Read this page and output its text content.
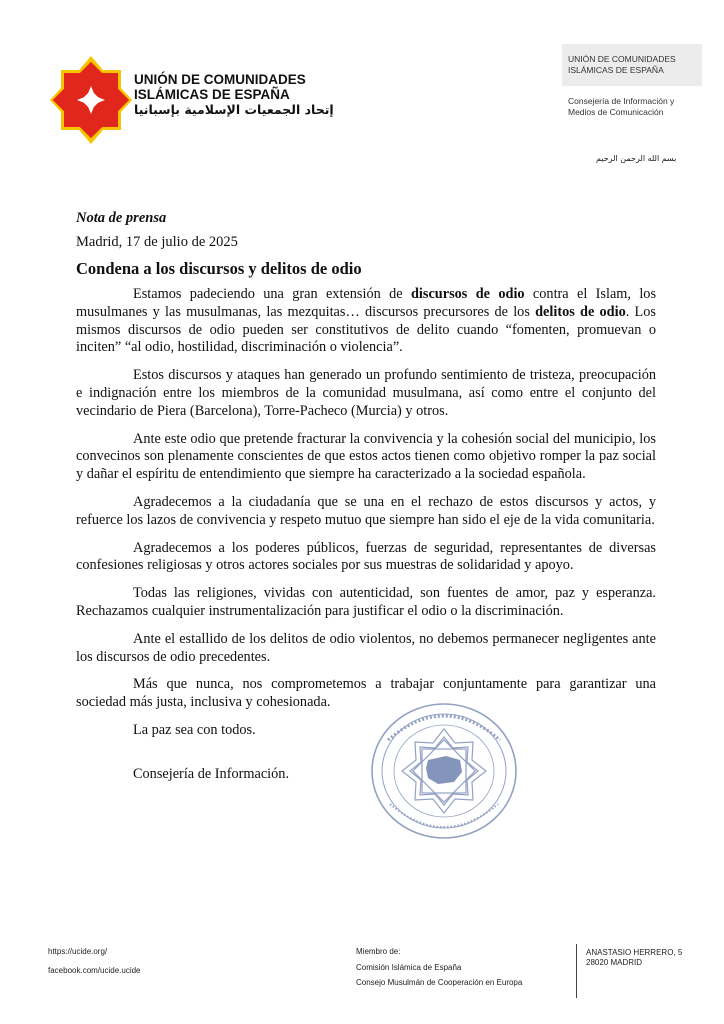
UNIÓN DE COMUNIDADES
ISLÁMICAS DE ESPAÑA
إتحاد الجمعيات الإسلامية بإسبانيا
UNIÓN DE COMUNIDADES
ISLÁMICAS DE ESPAÑA
Consejería de Información y
Medios de Comunicación
بسم الله الرحمن الرحيم
Nota de prensa
Madrid, 17 de julio de 2025
Condena a los discursos y delitos de odio

Estamos padeciendo una gran extensión de discursos de odio contra el Islam, los musulmanes y las musulmanas, las mezquitas… discursos precursores de los delitos de odio. Los mismos discursos de odio pueden ser constitutivos de delito cuando “fomenten, promuevan o inciten” “al odio, hostilidad, discriminación o violencia”.

Estos discursos y ataques han generado un profundo sentimiento de tristeza, preocupación e indignación entre los miembros de la comunidad musulmana, así como entre el conjunto del vecindario de Piera (Barcelona), Torre-Pacheco (Murcia) y otros.

Ante este odio que pretende fracturar la convivencia y la cohesión social del municipio, los convecinos son plenamente conscientes de que estos actos tienen como objetivo romper la paz social y dañar el espíritu de entendimiento que siempre ha caracterizado a la sociedad española.

Agradecemos a la ciudadanía que se una en el rechazo de estos discursos y actos, y refuerce los lazos de convivencia y respeto mutuo que siempre han sido el eje de la vida comunitaria.

Agradecemos a los poderes públicos, fuerzas de seguridad, representantes de diversas confesiones religiosas y otros actores sociales por sus muestras de solidaridad y apoyo.

Todas las religiones, vividas con autenticidad, son fuentes de amor, paz y esperanza. Rechazamos cualquier instrumentalización para justificar el odio o la discriminación.

Ante el estallido de los delitos de odio violentos, no debemos permanecer negligentes ante los discursos de odio precedentes.

Más que nunca, nos comprometemos a trabajar conjuntamente para garantizar una sociedad más justa, inclusiva y cohesionada.

La paz sea con todos.

Consejería de Información.

https://ucide.org/
facebook.com/ucide.ucide
Miembro de:
Comisión Islámica de España
Consejo Musulmán de Cooperación en Europa
ANASTASIO HERRERO, 5
28020 MADRID
